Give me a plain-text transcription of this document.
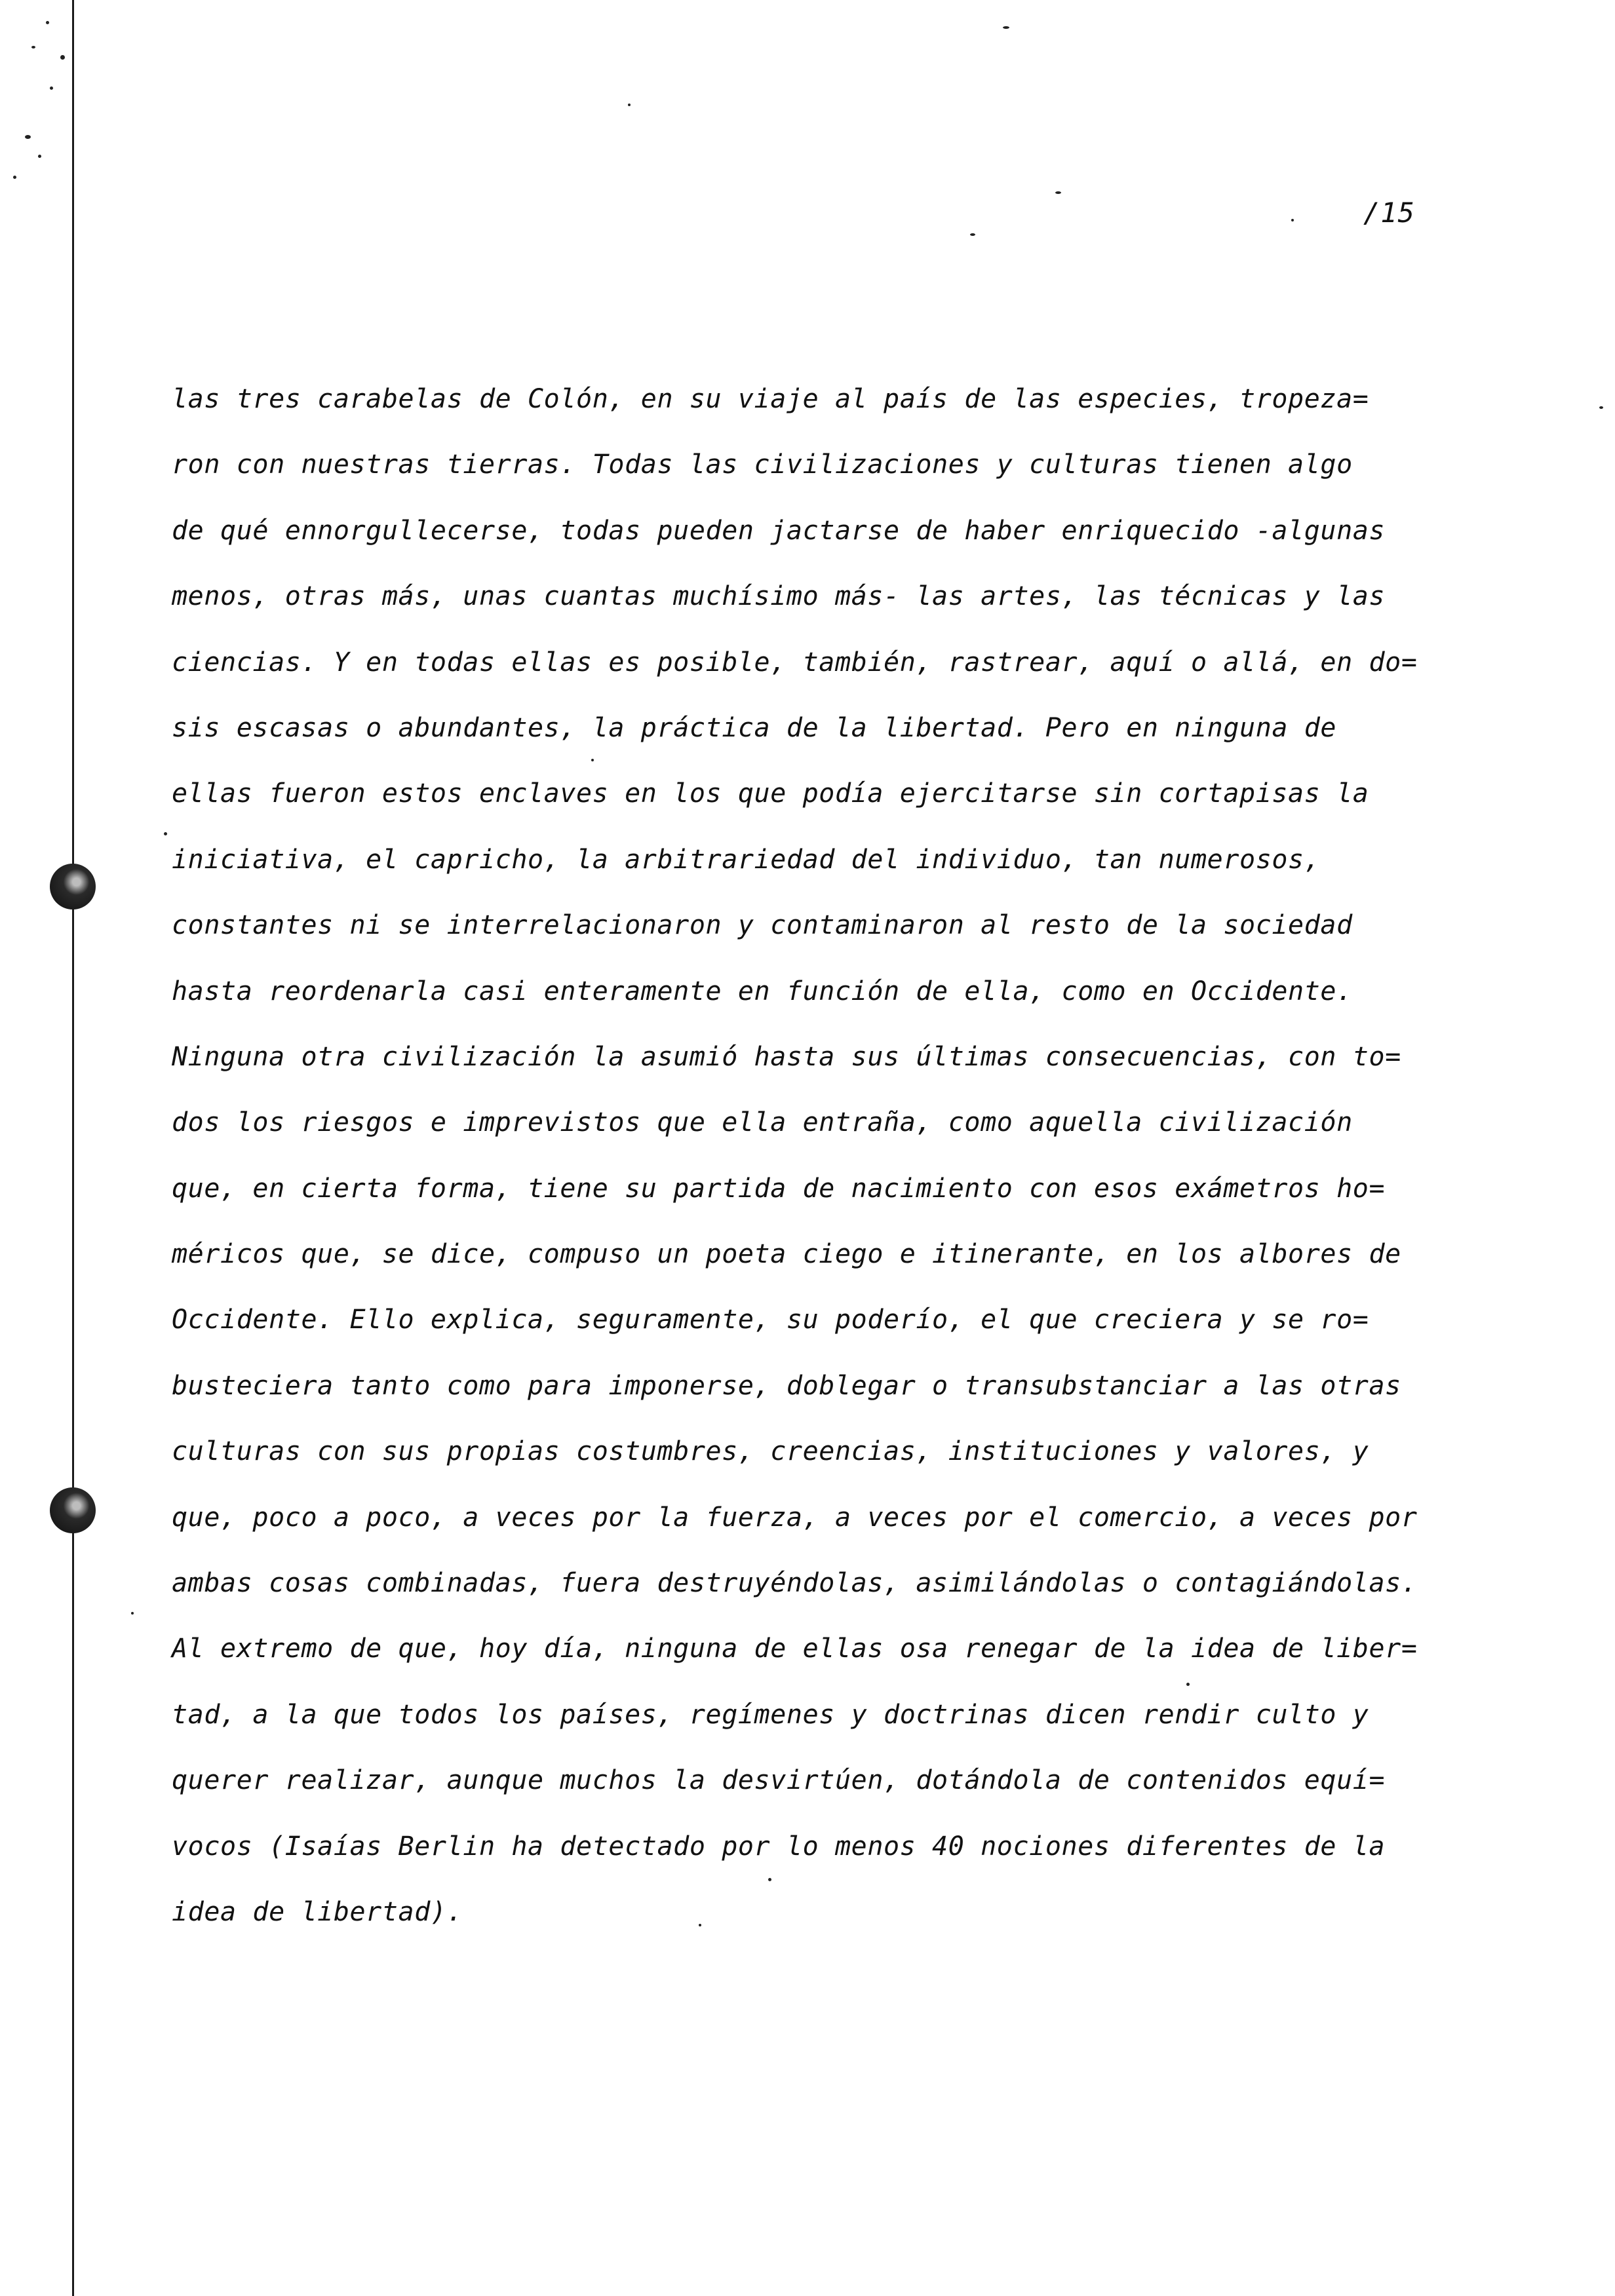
/15
las tres carabelas de Colón, en su viaje al país de las especies, tropeza=
ron con nuestras tierras. Todas las civilizaciones y culturas tienen algo
de qué ennorgullecerse, todas pueden jactarse de haber enriquecido -algunas
menos, otras más, unas cuantas muchísimo más- las artes, las técnicas y las
ciencias. Y en todas ellas es posible, también, rastrear, aquí o allá, en do=
sis escasas o abundantes, la práctica de la libertad. Pero en ninguna de
ellas fueron estos enclaves en los que podía ejercitarse sin cortapisas la
iniciativa, el capricho, la arbitrariedad del individuo, tan numerosos,
constantes ni se interrelacionaron y contaminaron al resto de la sociedad
hasta reordenarla casi enteramente en función de ella, como en Occidente.
Ninguna otra civilización la asumió hasta sus últimas consecuencias, con to=
dos los riesgos e imprevistos que ella entraña, como aquella civilización
que, en cierta forma, tiene su partida de nacimiento con esos exámetros ho=
méricos que, se dice, compuso un poeta ciego e itinerante, en los albores de
Occidente. Ello explica, seguramente, su poderío, el que creciera y se ro=
busteciera tanto como para imponerse, doblegar o transubstanciar a las otras
culturas con sus propias costumbres, creencias, instituciones y valores, y
que, poco a poco, a veces por la fuerza, a veces por el comercio, a veces por
ambas cosas combinadas, fuera destruyéndolas, asimilándolas o contagiándolas.
Al extremo de que, hoy día, ninguna de ellas osa renegar de la idea de liber=
tad, a la que todos los países, regímenes y doctrinas dicen rendir culto y
querer realizar, aunque muchos la desvirtúen, dotándola de contenidos equí=
vocos (Isaías Berlin ha detectado por lo menos 40 nociones diferentes de la
idea de libertad).
